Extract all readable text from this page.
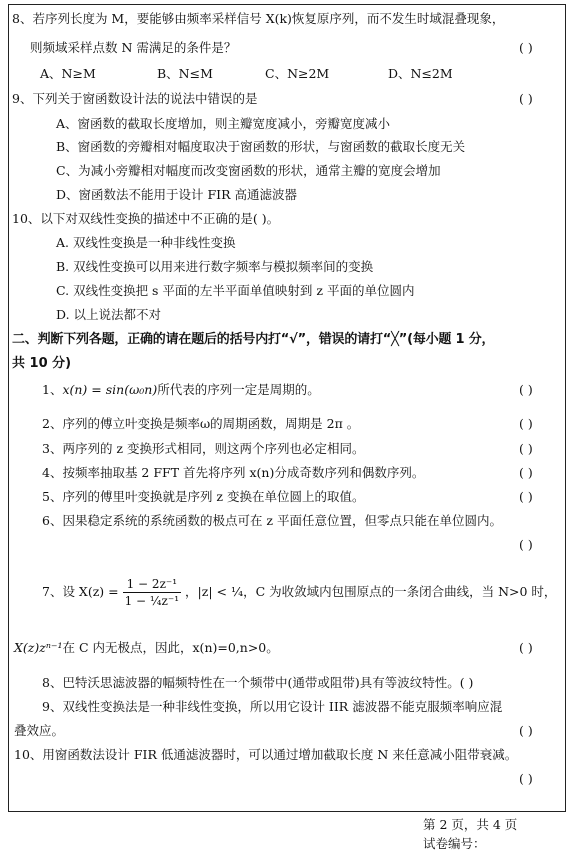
8、若序列长度为 M，要能够由频率采样信号 X(k)恢复原序列，而不发生时域混叠现象，
则频域采样点数 N 需满足的条件是？	( )
A、N≥M	B、N≤M	C、N≥2M	D、N≤2M
9、下列关于窗函数设计法的说法中错误的是	( )
A、窗函数的截取长度增加，则主瓣宽度减小，旁瓣宽度减小
B、窗函数的旁瓣相对幅度取决于窗函数的形状，与窗函数的截取长度无关
C、为减小旁瓣相对幅度而改变窗函数的形状，通常主瓣的宽度会增加
D、窗函数法不能用于设计 FIR 高通滤波器
10、以下对双线性变换的描述中不正确的是( )。
A. 双线性变换是一种非线性变换
B. 双线性变换可以用来进行数字频率与模拟频率间的变换
C. 双线性变换把 s 平面的左半平面单值映射到 z 平面的单位圆内
D. 以上说法都不对
二、判断下列各题，正确的请在题后的括号内打“√”，错误的请打“╳”(每小题 1 分，
共 10 分)
1、x(n) = sin(ω₀n)所代表的序列一定是周期的。	( )
2、序列的傅立叶变换是频率ω的周期函数，周期是 2π 。	( )
3、两序列的 z 变换形式相同，则这两个序列也必定相同。	( )
4、按频率抽取基 2 FFT 首先将序列 x(n)分成奇数序列和偶数序列。	( )
5、序列的傅里叶变换就是序列 z 变换在单位圆上的取值。	( )
6、因果稳定系统的系统函数的极点可在 z 平面任意位置，但零点只能在单位圆内。
( )
7、设 $X(z) = \frac{\text{1 − 2z⁻¹}}{\text{1 − ¼z⁻¹}}$ ，|z| < ¼，C 为收敛域内包围原点的一条闭合曲线，当 N>0 时，
X(z)zⁿ⁻¹在 C 内无极点，因此，x(n)=0,n>0。	( )
8、巴特沃思滤波器的幅频特性在一个频带中(通带或阻带)具有等波纹特性。( )
9、双线性变换法是一种非线性变换，所以用它设计 IIR 滤波器不能克服频率响应混
叠效应。	( )
10、用窗函数法设计 FIR 低通滤波器时，可以通过增加截取长度 N 来任意减小阻带衰减。
( )
第 2 页，共 4 页
试卷编号：
